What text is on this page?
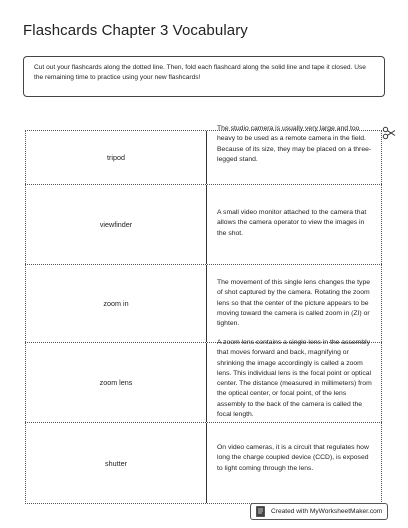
Flashcards Chapter 3 Vocabulary
Cut out your flashcards along the dotted line. Then, fold each flashcard along the solid line and tape it closed. Use the remaining time to practice using your new flashcards!
tripod
The studio camera is usually very large and too heavy to be used as a remote camera in the field. Because of its size, they may be placed on a three-legged stand.
viewfinder
A small video monitor attached to the camera that allows the camera operator to view the images in the shot.
zoom in
The movement of this single lens changes the type of shot captured by the camera. Rotating the zoom lens so that the center of the picture appears to be moving toward the camera is called zoom in (ZI) or tighten.
zoom lens
A zoom lens contains a single lens in the assembly that moves forward and back, magnifying or shrinking the image accordingly is called a zoom lens. This individual lens is the focal point or optical center. The distance (measured in millimeters) from the optical center, or focal point, of the lens assembly to the back of the camera is called the focal length.
shutter
On video cameras, it is a circuit that regulates how long the charge coupled device (CCD), is exposed to light coming through the lens.
Created with MyWorksheetMaker.com
